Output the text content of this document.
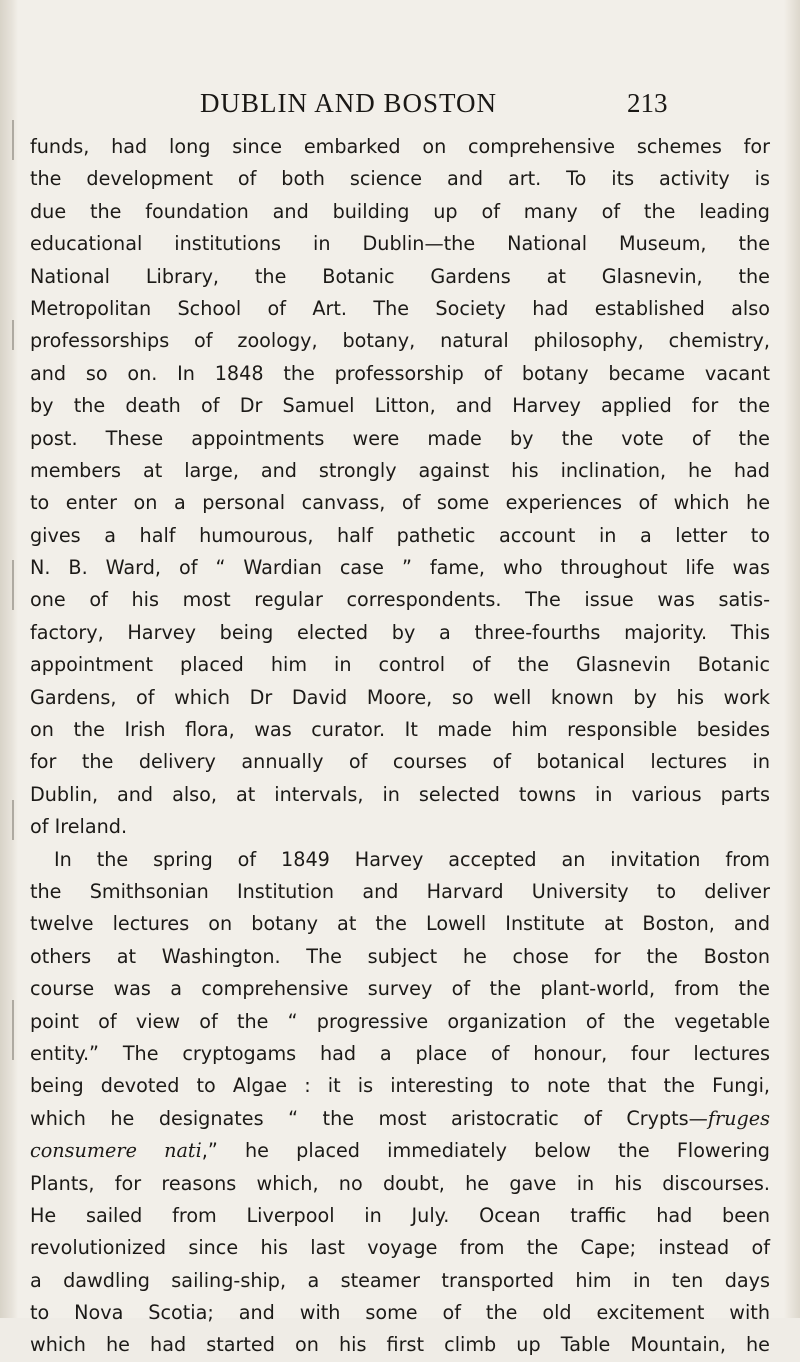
DUBLIN AND BOSTON	213
funds, had long since embarked on comprehensive schemes for
the development of both science and art. To its activity is
due the foundation and building up of many of the leading
educational institutions in Dublin—the National Museum, the
National Library, the Botanic Gardens at Glasnevin, the
Metropolitan School of Art. The Society had established also
professorships of zoology, botany, natural philosophy, chemistry,
and so on. In 1848 the professorship of botany became vacant
by the death of Dr Samuel Litton, and Harvey applied for the
post. These appointments were made by the vote of the
members at large, and strongly against his inclination, he had
to enter on a personal canvass, of some experiences of which he
gives a half humourous, half pathetic account in a letter to
N. B. Ward, of “ Wardian case ” fame, who throughout life was
one of his most regular correspondents. The issue was satis-
factory, Harvey being elected by a three-fourths majority. This
appointment placed him in control of the Glasnevin Botanic
Gardens, of which Dr David Moore, so well known by his work
on the Irish flora, was curator. It made him responsible besides
for the delivery annually of courses of botanical lectures in
Dublin, and also, at intervals, in selected towns in various parts
of Ireland.
In the spring of 1849 Harvey accepted an invitation from
the Smithsonian Institution and Harvard University to deliver
twelve lectures on botany at the Lowell Institute at Boston, and
others at Washington. The subject he chose for the Boston
course was a comprehensive survey of the plant-world, from the
point of view of the “ progressive organization of the vegetable
entity.” The cryptogams had a place of honour, four lectures
being devoted to Algae : it is interesting to note that the Fungi,
which he designates “ the most aristocratic of Crypts—fruges
consumere nati,” he placed immediately below the Flowering
Plants, for reasons which, no doubt, he gave in his discourses.
He sailed from Liverpool in July. Ocean traffic had been
revolutionized since his last voyage from the Cape; instead of
a dawdling sailing-ship, a steamer transported him in ten days
to Nova Scotia; and with some of the old excitement with
which he had started on his first climb up Table Mountain, he
